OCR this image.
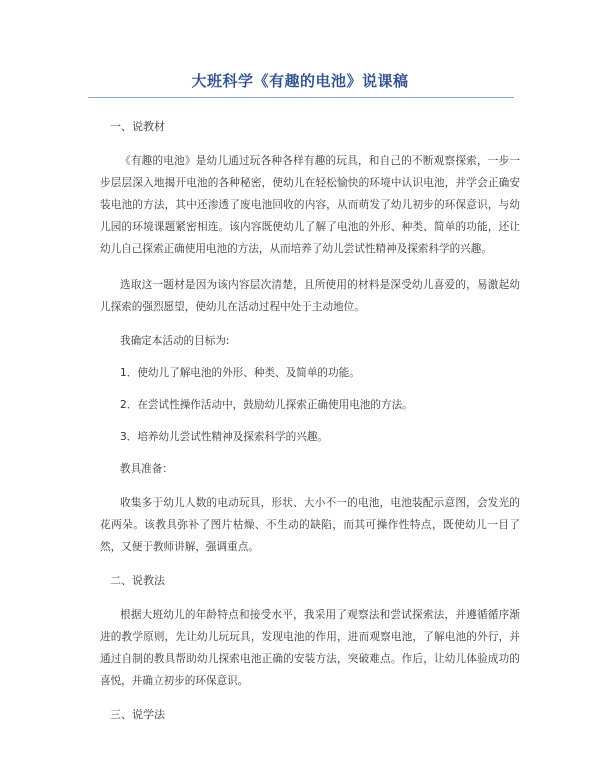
大班科学《有趣的电池》说课稿

一、说教材

《有趣的电池》是幼儿通过玩各种各样有趣的玩具，和自己的不断观察探索，一步一步层层深入地揭开电池的各种秘密，使幼儿在轻松愉快的环境中认识电池，并学会正确安装电池的方法，其中还渗透了废电池回收的内容，从而萌发了幼儿初步的环保意识，与幼儿园的环境课题紧密相连。该内容既使幼儿了解了电池的外形、种类、简单的功能，还让幼儿自己探索正确使用电池的方法，从而培养了幼儿尝试性精神及探索科学的兴趣。

选取这一题材是因为该内容层次清楚，且所使用的材料是深受幼儿喜爱的，易激起幼儿探索的强烈愿望，使幼儿在活动过程中处于主动地位。

我确定本活动的目标为:

1．使幼儿了解电池的外形、种类、及简单的功能。

2．在尝试性操作活动中，鼓励幼儿探索正确使用电池的方法。

3．培养幼儿尝试性精神及探索科学的兴趣。

教具准备：

收集多于幼儿人数的电动玩具，形状、大小不一的电池，电池装配示意图，会发光的花两朵。该教具弥补了图片枯燥、不生动的缺陷，而其可操作性特点，既使幼儿一目了然，又便于教师讲解，强调重点。

二、说教法

根据大班幼儿的年龄特点和接受水平，我采用了观察法和尝试探索法，并遵循循序渐进的教学原则，先让幼儿玩玩具，发现电池的作用，进而观察电池，了解电池的外行，并通过自制的教具帮助幼儿探索电池正确的安装方法，突破难点。作后，让幼儿体验成功的喜悦，并确立初步的环保意识。

三、说学法
